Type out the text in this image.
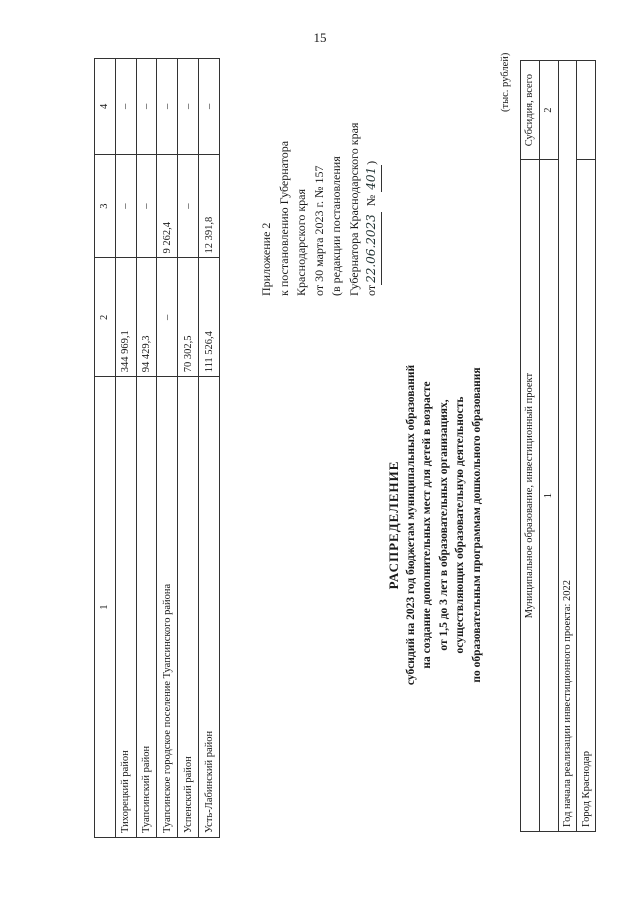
15
1	2	3	4
Тихорецкий район	344 969,1	–	–
Туапсинский район	94 429,3	–	–
Туапсинское городское поселение Туапсинского района	–	9 262,4	–
Успенский район	70 302,5	–	–
Усть-Лабинский район	111 526,4	12 391,8	–
Приложение 2 к постановлению Губернатора Краснодарского края от 30 марта 2023 г. № 157 (в редакции постановления Губернатора Краснодарского края от22.06.2023  № 401)
РАСПРЕДЕЛЕНИЕ субсидий на 2023 год бюджетам муниципальных образований на создание дополнительных мест для детей в возрасте от 1,5 до 3 лет в образовательных организациях, осуществляющих образовательную деятельность по образовательным программам дошкольного образования
(тыс. рублей)
Муниципальное образование, инвестиционный проект	Субсидия, всего
1	2
Год начала реализации инвестиционного проекта: 2022	
Город Краснодар	
